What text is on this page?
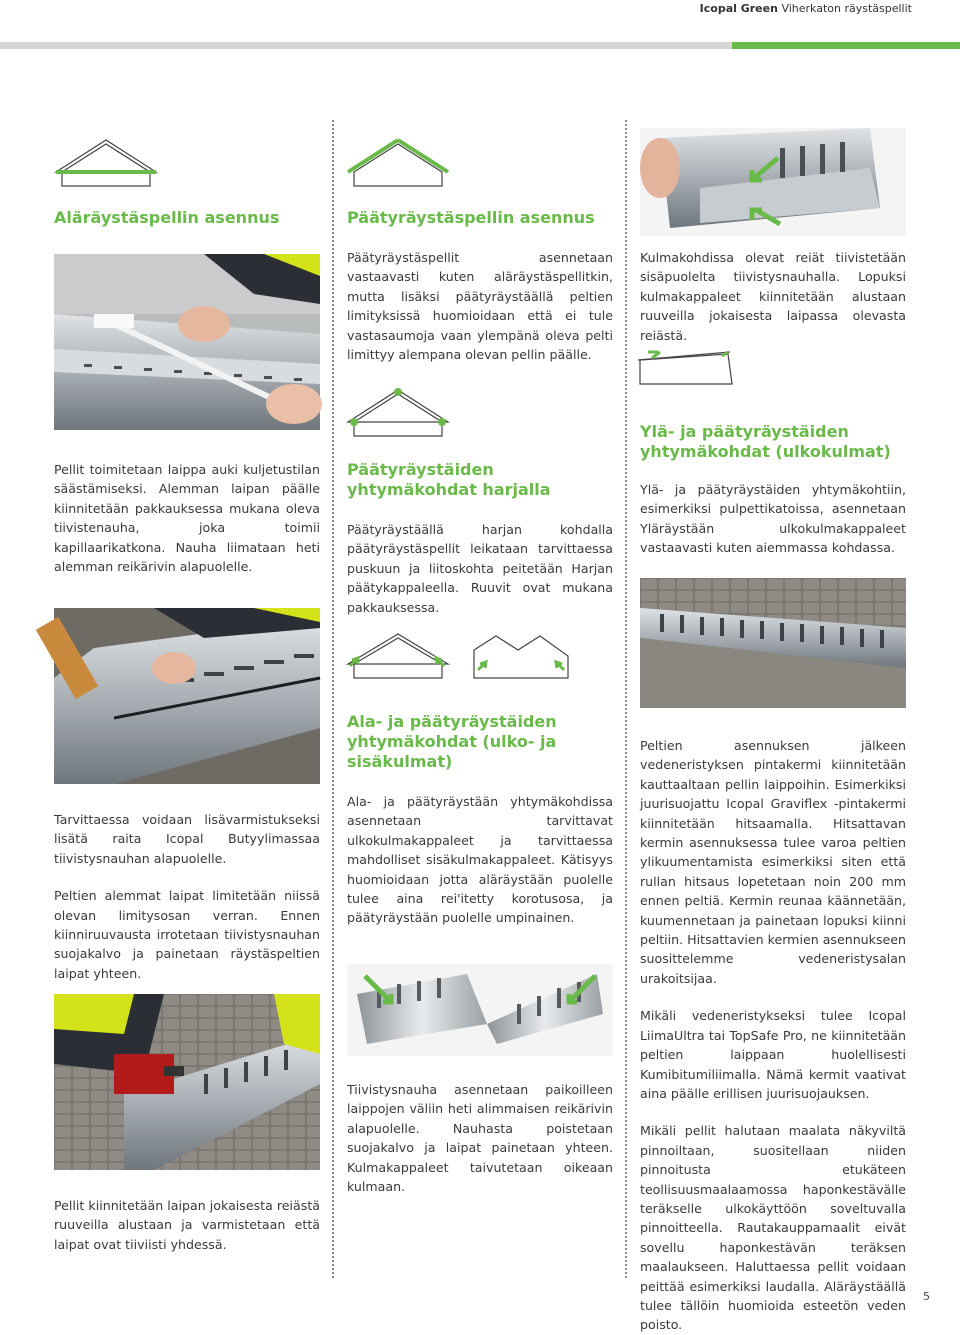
Icopal Green Viherkaton räystäspellit
Aläräystäspellin asennus

Pellit toimitetaan laippa auki kuljetustilan säästämiseksi. Alemman laipan päälle kiinnitetään pakkauksessa mukana oleva tiivistenauha, joka toimii kapillaarikatkona. Nauha liimataan heti alemman reikärivin alapuolelle.

Tarvittaessa voidaan lisävarmistukseksi lisätä raita Icopal Butyylimassaa tiivistysnauhan alapuolelle.

Peltien alemmat laipat limitetään niissä olevan limitysosan verran. Ennen kiinniruuvausta irrotetaan tiivistysnauhan suojakalvo ja painetaan räystäspeltien laipat yhteen.

Pellit kiinnitetään laipan jokaisesta reiästä ruuveilla alustaan ja varmistetaan että laipat ovat tiiviisti yhdessä.

Päätyräystäspellin asennus

Päätyräystäspellit asennetaan vastaavasti kuten aläräystäspellitkin, mutta lisäksi päätyräystäällä peltien limityksissä huomioidaan että ei tule vastasaumoja vaan ylempänä oleva pelti limittyy alempana olevan pellin päälle.

Päätyräystäiden yhtymäkohdat harjalla

Päätyräystäällä harjan kohdalla päätyräystäspellit leikataan tarvittaessa puskuun ja liitoskohta peitetään Harjan päätykappaleella. Ruuvit ovat mukana pakkauksessa.

Ala- ja päätyräystäiden yhtymäkohdat (ulko- ja sisäkulmat)

Ala- ja päätyräystään yhtymäkohdissa asennetaan tarvittavat ulkokulmakappaleet ja tarvittaessa mahdolliset sisäkulmakappaleet. Kätisyys huomioidaan jotta aläräystään puolelle tulee aina rei'itetty korotusosa, ja päätyräystään puolelle umpinainen.

Tiivistysnauha asennetaan paikoilleen laippojen väliin heti alimmaisen reikärivin alapuolelle. Nauhasta poistetaan suojakalvo ja laipat painetaan yhteen. Kulmakappaleet taivutetaan oikeaan kulmaan.

Kulmakohdissa olevat reiät tiivistetään sisäpuolelta tiivistysnauhalla. Lopuksi kulmakappaleet kiinnitetään alustaan ruuveilla jokaisesta laipassa olevasta reiästä.

Ylä- ja päätyräystäiden yhtymäkohdat (ulkokulmat)

Ylä- ja päätyräystäiden yhtymäkohtiin, esimerkiksi pulpettikatoissa, asennetaan Yläräystään ulkokulmakappaleet vastaavasti kuten aiemmassa kohdassa.

Peltien asennuksen jälkeen vedeneristyksen pintakermi kiinnitetään kauttaaltaan pellin laippoihin. Esimerkiksi juurisuojattu Icopal Graviflex -pintakermi kiinnitetään hitsaamalla. Hitsattavan kermin asennuksessa tulee varoa peltien ylikuumentamista esimerkiksi siten että rullan hitsaus lopetetaan noin 200 mm ennen peltiä. Kermin reunaa käännetään, kuumennetaan ja painetaan lopuksi kiinni peltiin. Hitsattavien kermien asennukseen suosittelemme vedeneristysalan urakoitsijaa.

Mikäli vedeneristykseksi tulee Icopal LiimaUltra tai TopSafe Pro, ne kiinnitetään peltien laippaan huolellisesti Kumibitumiliimalla. Nämä kermit vaativat aina päälle erillisen juurisuojauksen.

Mikäli pellit halutaan maalata näkyviltä pinnoiltaan, suositellaan niiden pinnoitusta etukäteen teollisuusmaalaamossa haponkestävälle teräkselle ulkokäyttöön soveltuvalla pinnoitteella. Rautakauppamaalit eivät sovellu haponkestävän teräksen maalaukseen. Haluttaessa pellit voidaan peittää esimerkiksi laudalla. Aläräystäällä tulee tällöin huomioida esteetön veden poisto.

5
